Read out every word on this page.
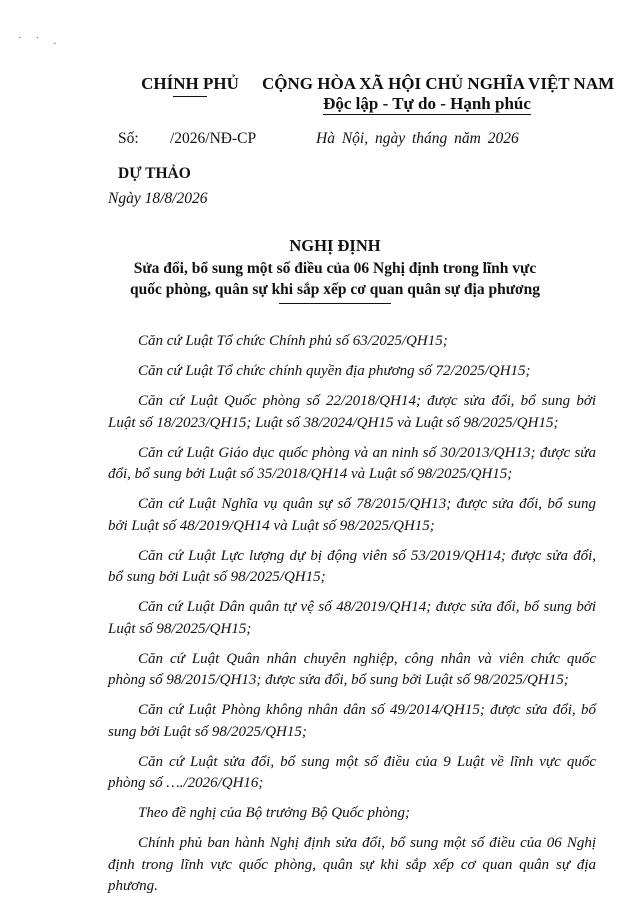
˙ ˙ .
CHÍNH PHỦ	CỘNG HÒA XÃ HỘI CHỦ NGHĨA VIỆT NAM
Độc lập - Tự do - Hạnh phúc
Số: /2026/NĐ-CP	Hà Nội, ngày tháng năm 2026
DỰ THẢO
Ngày 18/8/2026
NGHỊ ĐỊNH
Sửa đổi, bổ sung một số điều của 06 Nghị định trong lĩnh vực quốc phòng, quân sự khi sắp xếp cơ quan quân sự địa phương

Căn cứ Luật Tổ chức Chính phủ số 63/2025/QH15;

Căn cứ Luật Tổ chức chính quyền địa phương số 72/2025/QH15;

Căn cứ Luật Quốc phòng số 22/2018/QH14; được sửa đổi, bổ sung bởi Luật số 18/2023/QH15; Luật số 38/2024/QH15 và Luật số 98/2025/QH15;

Căn cứ Luật Giáo dục quốc phòng và an ninh số 30/2013/QH13; được sửa đổi, bổ sung bởi Luật số 35/2018/QH14 và Luật số 98/2025/QH15;

Căn cứ Luật Nghĩa vụ quân sự số 78/2015/QH13; được sửa đổi, bổ sung bởi Luật số 48/2019/QH14 và Luật số 98/2025/QH15;

Căn cứ Luật Lực lượng dự bị động viên số 53/2019/QH14; được sửa đổi, bổ sung bởi Luật số 98/2025/QH15;

Căn cứ Luật Dân quân tự vệ số 48/2019/QH14; được sửa đổi, bổ sung bởi Luật số 98/2025/QH15;

Căn cứ Luật Quân nhân chuyên nghiệp, công nhân và viên chức quốc phòng số 98/2015/QH13; được sửa đổi, bổ sung bởi Luật số 98/2025/QH15;

Căn cứ Luật Phòng không nhân dân số 49/2014/QH15; được sửa đổi, bổ sung bởi Luật số 98/2025/QH15;

Căn cứ Luật sửa đổi, bổ sung một số điều của 9 Luật về lĩnh vực quốc phòng số …./2026/QH16;

Theo đề nghị của Bộ trưởng Bộ Quốc phòng;

Chính phủ ban hành Nghị định sửa đổi, bổ sung một số điều của 06 Nghị định trong lĩnh vực quốc phòng, quân sự khi sắp xếp cơ quan quân sự địa phương.
